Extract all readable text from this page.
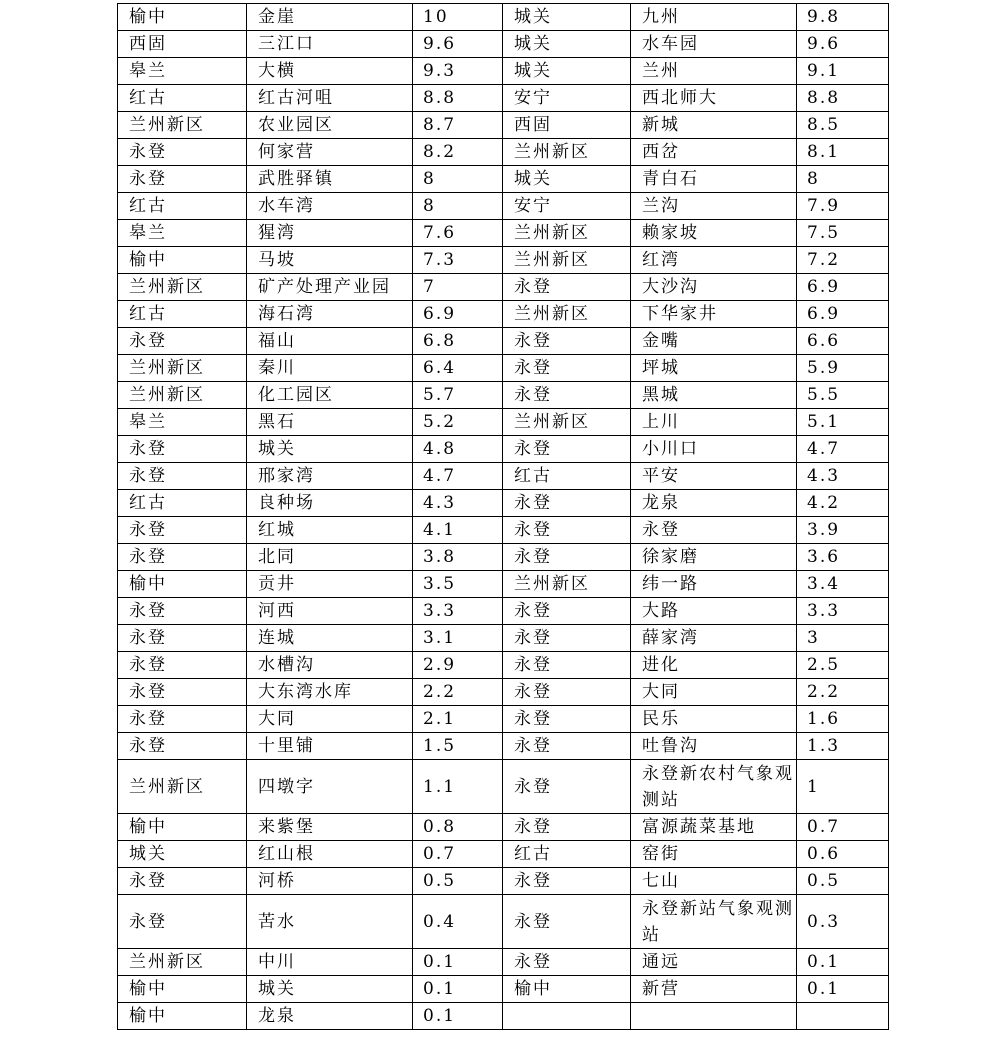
榆中	金崖	10	城关	九州	9.8
西固	三江口	9.6	城关	水车园	9.6
皋兰	大横	9.3	城关	兰州	9.1
红古	红古河咀	8.8	安宁	西北师大	8.8
兰州新区	农业园区	8.7	西固	新城	8.5
永登	何家营	8.2	兰州新区	西岔	8.1
永登	武胜驿镇	8	城关	青白石	8
红古	水车湾	8	安宁	兰沟	7.9
皋兰	猩湾	7.6	兰州新区	赖家坡	7.5
榆中	马坡	7.3	兰州新区	红湾	7.2
兰州新区	矿产处理产业园	7	永登	大沙沟	6.9
红古	海石湾	6.9	兰州新区	下华家井	6.9
永登	福山	6.8	永登	金嘴	6.6
兰州新区	秦川	6.4	永登	坪城	5.9
兰州新区	化工园区	5.7	永登	黑城	5.5
皋兰	黑石	5.2	兰州新区	上川	5.1
永登	城关	4.8	永登	小川口	4.7
永登	邢家湾	4.7	红古	平安	4.3
红古	良种场	4.3	永登	龙泉	4.2
永登	红城	4.1	永登	永登	3.9
永登	北同	3.8	永登	徐家磨	3.6
榆中	贡井	3.5	兰州新区	纬一路	3.4
永登	河西	3.3	永登	大路	3.3
永登	连城	3.1	永登	薛家湾	3
永登	水槽沟	2.9	永登	进化	2.5
永登	大东湾水库	2.2	永登	大同	2.2
永登	大同	2.1	永登	民乐	1.6
永登	十里铺	1.5	永登	吐鲁沟	1.3
兰州新区	四墩字	1.1	永登	永登新农村气象观测站	1
榆中	来紫堡	0.8	永登	富源蔬菜基地	0.7
城关	红山根	0.7	红古	窑街	0.6
永登	河桥	0.5	永登	七山	0.5
永登	苦水	0.4	永登	永登新站气象观测站	0.3
兰州新区	中川	0.1	永登	通远	0.1
榆中	城关	0.1	榆中	新营	0.1
榆中	龙泉	0.1			
